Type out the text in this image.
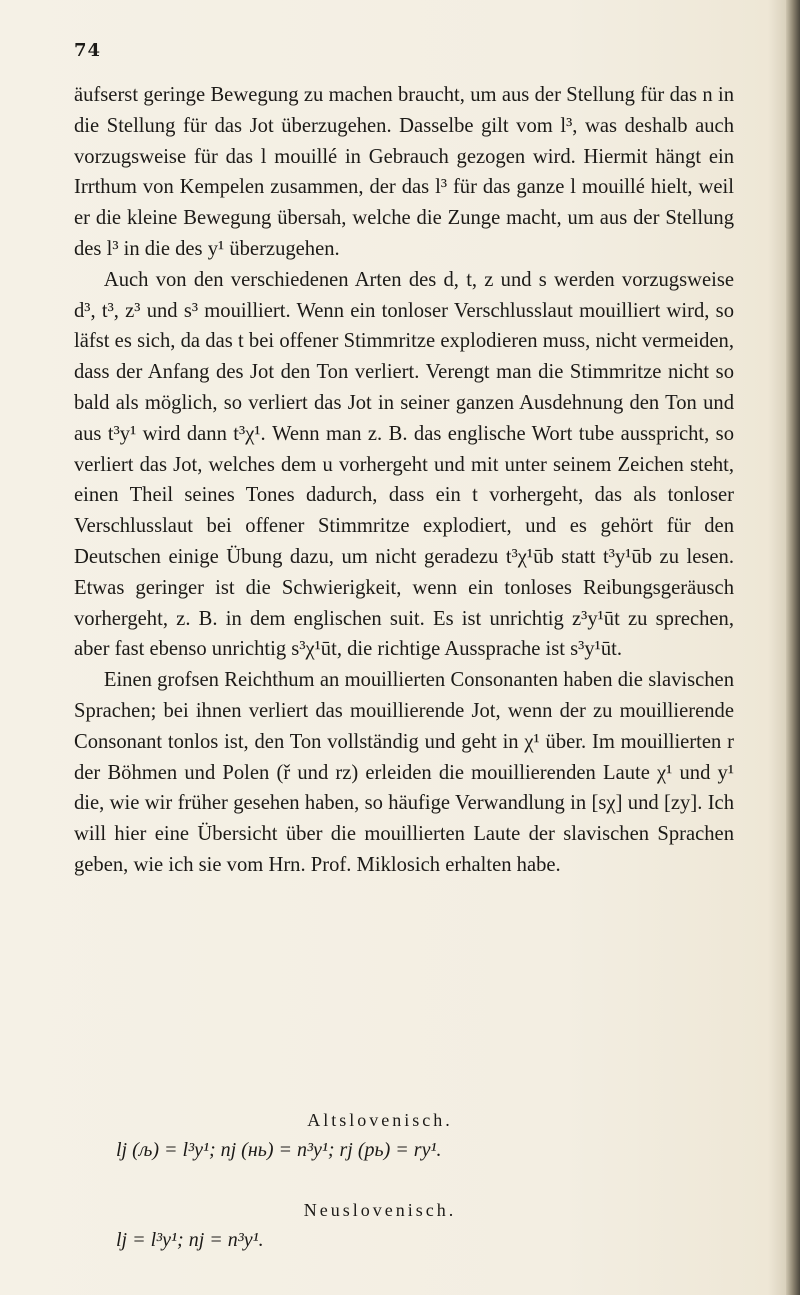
74

äufserst geringe Bewegung zu machen braucht, um aus der Stellung für das n in die Stellung für das Jot überzugehen. Dasselbe gilt vom l³, was deshalb auch vorzugsweise für das l mouillé in Gebrauch gezogen wird. Hiermit hängt ein Irrthum von Kempelen zusammen, der das l³ für das ganze l mouillé hielt, weil er die kleine Bewegung übersah, welche die Zunge macht, um aus der Stellung des l³ in die des y¹ überzugehen.

Auch von den verschiedenen Arten des d, t, z und s werden vorzugsweise d³, t³, z³ und s³ mouilliert. Wenn ein tonloser Verschlusslaut mouilliert wird, so läfst es sich, da das t bei offener Stimmritze explodieren muss, nicht vermeiden, dass der Anfang des Jot den Ton verliert. Verengt man die Stimmritze nicht so bald als möglich, so verliert das Jot in seiner ganzen Ausdehnung den Ton und aus t³y¹ wird dann t³χ¹. Wenn man z. B. das englische Wort tube ausspricht, so verliert das Jot, welches dem u vorhergeht und mit unter seinem Zeichen steht, einen Theil seines Tones dadurch, dass ein t vorhergeht, das als tonloser Verschlusslaut bei offener Stimmritze explodiert, und es gehört für den Deutschen einige Übung dazu, um nicht geradezu t³χ¹ūb statt t³y¹ūb zu lesen. Etwas geringer ist die Schwierigkeit, wenn ein tonloses Reibungsgeräusch vorhergeht, z. B. in dem englischen suit. Es ist unrichtig z³y¹ūt zu sprechen, aber fast ebenso unrichtig s³χ¹ūt, die richtige Aussprache ist s³y¹ūt.

Einen grofsen Reichthum an mouillierten Consonanten haben die slavischen Sprachen; bei ihnen verliert das mouillierende Jot, wenn der zu mouillierende Consonant tonlos ist, den Ton vollständig und geht in χ¹ über. Im mouillierten r der Böhmen und Polen (ř und rz) erleiden die mouillierenden Laute χ¹ und y¹ die, wie wir früher gesehen haben, so häufige Verwandlung in [sχ] und [zy]. Ich will hier eine Übersicht über die mouillierten Laute der slavischen Sprachen geben, wie ich sie vom Hrn. Prof. Miklosich erhalten habe.

Altslovenisch.
lj (љ) = l³y¹; nj (нь) = n³y¹; rj (рь) = ry¹.
Neuslovenisch.
lj = l³y¹; nj = n³y¹.
